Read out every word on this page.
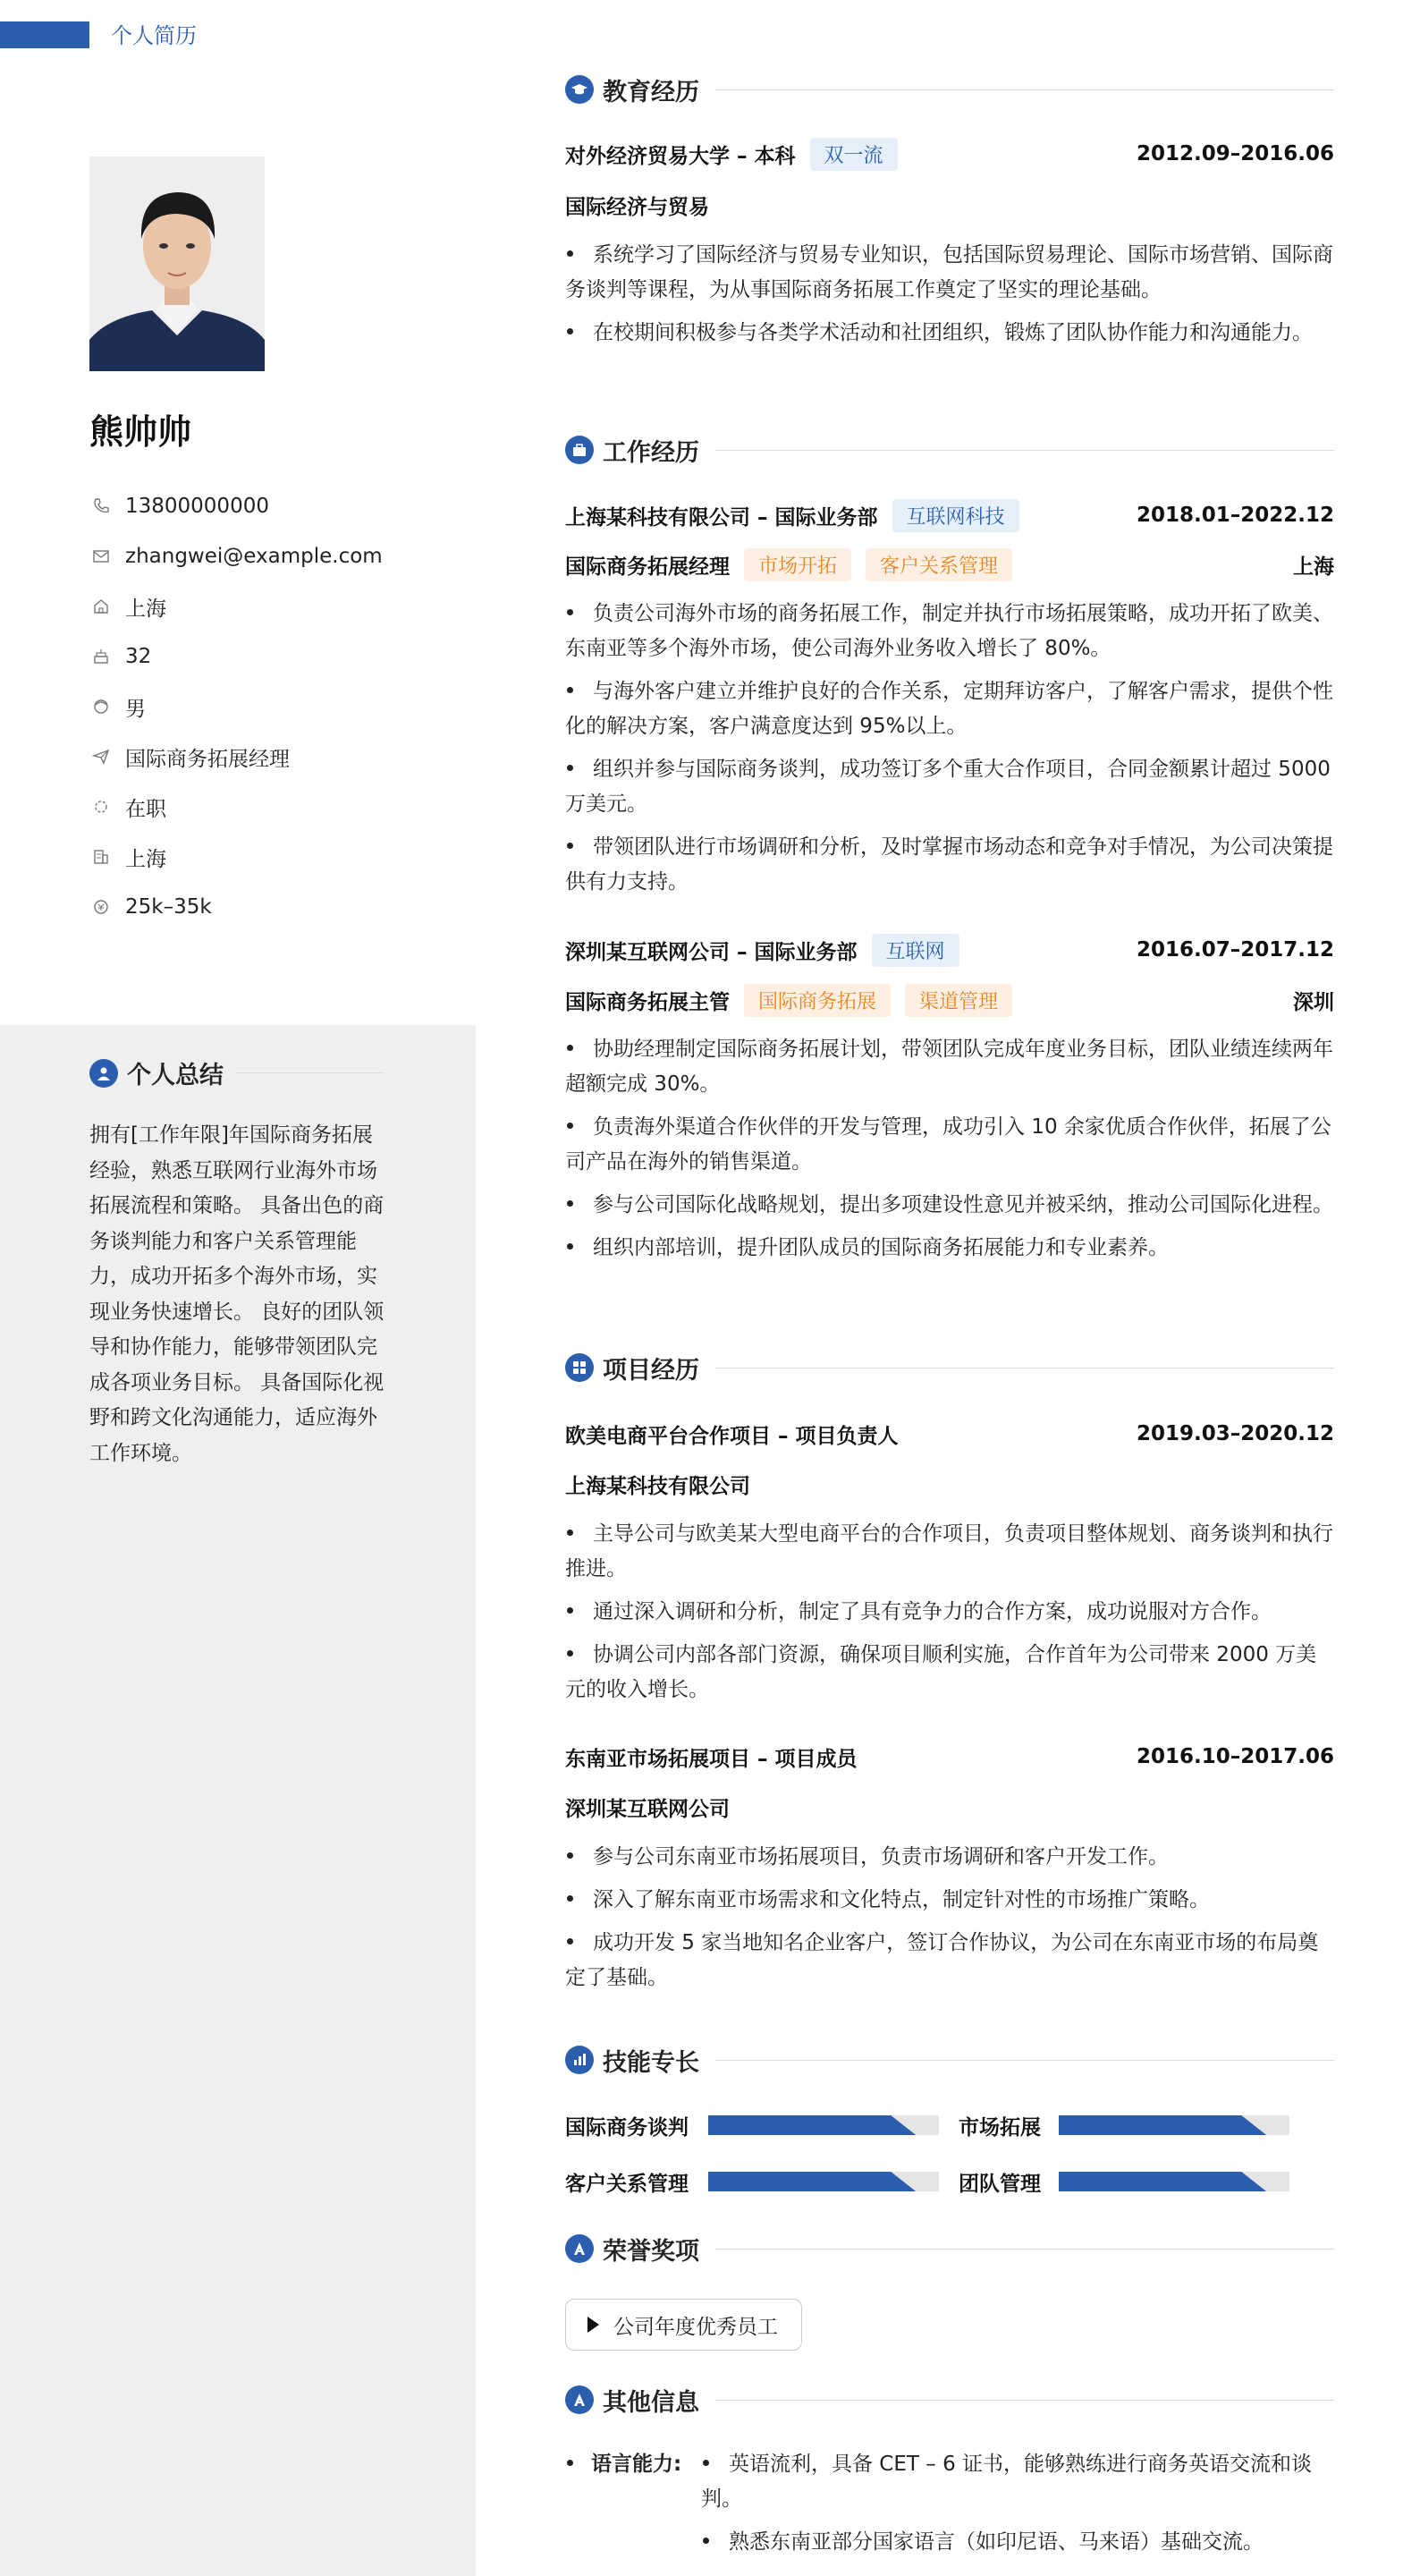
个人简历
熊帅帅
13800000000
zhangwei@example.com
上海
32
男
国际商务拓展经理
在职
上海
25k–35k
个人总结
拥有[工作年限]年国际商务拓展经验，熟悉互联网行业海外市场拓展流程和策略。 具备出色的商务谈判能力和客户关系管理能力，成功开拓多个海外市场，实现业务快速增长。 良好的团队领导和协作能力，能够带领团队完成各项业务目标。 具备国际化视野和跨文化沟通能力，适应海外工作环境。
教育经历
对外经济贸易大学 – 本科	双一流	2012.09–2016.06
国际经济与贸易
系统学习了国际经济与贸易专业知识，包括国际贸易理论、国际市场营销、国际商务谈判等课程，为从事国际商务拓展工作奠定了坚实的理论基础。
在校期间积极参与各类学术活动和社团组织，锻炼了团队协作能力和沟通能力。
工作经历
上海某科技有限公司 – 国际业务部	互联网科技	2018.01–2022.12
国际商务拓展经理	市场开拓	客户关系管理	上海
负责公司海外市场的商务拓展工作，制定并执行市场拓展策略，成功开拓了欧美、东南亚等多个海外市场，使公司海外业务收入增长了 80%。
与海外客户建立并维护良好的合作关系，定期拜访客户，了解客户需求，提供个性化的解决方案，客户满意度达到 95%以上。
组织并参与国际商务谈判，成功签订多个重大合作项目，合同金额累计超过 5000 万美元。
带领团队进行市场调研和分析，及时掌握市场动态和竞争对手情况，为公司决策提供有力支持。
深圳某互联网公司 – 国际业务部	互联网	2016.07–2017.12
国际商务拓展主管	国际商务拓展	渠道管理	深圳
协助经理制定国际商务拓展计划，带领团队完成年度业务目标，团队业绩连续两年超额完成 30%。
负责海外渠道合作伙伴的开发与管理，成功引入 10 余家优质合作伙伴，拓展了公司产品在海外的销售渠道。
参与公司国际化战略规划，提出多项建设性意见并被采纳，推动公司国际化进程。
组织内部培训，提升团队成员的国际商务拓展能力和专业素养。
项目经历
欧美电商平台合作项目 – 项目负责人	2019.03–2020.12
上海某科技有限公司
主导公司与欧美某大型电商平台的合作项目，负责项目整体规划、商务谈判和执行推进。
通过深入调研和分析，制定了具有竞争力的合作方案，成功说服对方合作。
协调公司内部各部门资源，确保项目顺利实施，合作首年为公司带来 2000 万美元的收入增长。
东南亚市场拓展项目 – 项目成员	2016.10–2017.06
深圳某互联网公司
参与公司东南亚市场拓展项目，负责市场调研和客户开发工作。
深入了解东南亚市场需求和文化特点，制定针对性的市场推广策略。
成功开发 5 家当地知名企业客户，签订合作协议，为公司在东南亚市场的布局奠定了基础。
技能专长
国际商务谈判	市场拓展
客户关系管理	团队管理
荣誉奖项
公司年度优秀员工
其他信息
语言能力:	英语流利，具备 CET – 6 证书，能够熟练进行商务英语交流和谈判。
熟悉东南亚部分国家语言（如印尼语、马来语）基础交流。
